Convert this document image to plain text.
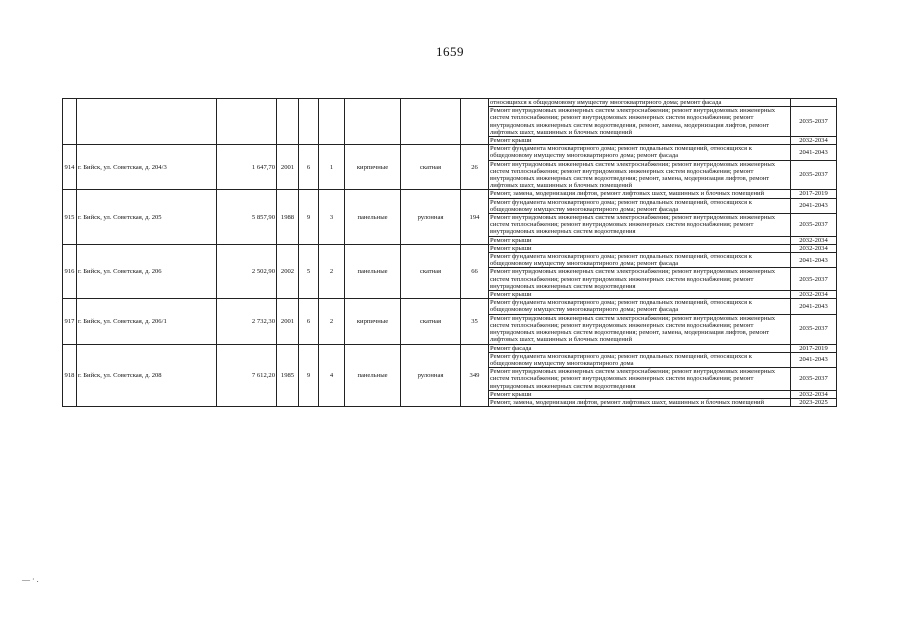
1659
									относящихся к общедомовому имуществу многоквартирного дома; ремонт фасада	
									Ремонт внутридомовых инженерных систем электроснабжения; ремонт внутридомовых инженерных систем теплоснабжения; ремонт внутридомовых инженерных систем водоснабжения; ремонт внутридомовых инженерных систем водоотведения, ремонт, замена, модернизация лифтов, ремонт лифтовых шахт, машинных и блочных помещений	2035-2037
									Ремонт крыши	2032-2034
914	г. Бийск, ул. Советская, д. 204/3	1 647,70	2001	6	1	кирпичные	скатная	26	Ремонт фундамента многоквартирного дома; ремонт подвальных помещений, относящихся к общедомовому имуществу многоквартирного дома; ремонт фасада	2041-2043
									Ремонт внутридомовых инженерных систем электроснабжения; ремонт внутридомовых инженерных систем теплоснабжения; ремонт внутридомовых инженерных систем водоснабжения; ремонт внутридомовых инженерных систем водоотведения; ремонт, замена, модернизация лифтов, ремонт лифтовых шахт, машинных и блочных помещений	2035-2037
915	г. Бийск, ул. Советская, д. 205	5 857,90	1988	9	3	панельные	рулонная	194	Ремонт, замена, модернизация лифтов, ремонт лифтовых шахт, машинных и блочных помещений	2017-2019
									Ремонт фундамента многоквартирного дома; ремонт подвальных помещений, относящихся к общедомовому имуществу многоквартирного дома; ремонт фасада	2041-2043
									Ремонт внутридомовых инженерных систем электроснабжения; ремонт внутридомовых инженерных систем теплоснабжения; ремонт внутридомовых инженерных систем водоснабжения; ремонт внутридомовых инженерных систем водоотведения	2035-2037
									Ремонт крыши	2032-2034
916	г. Бийск, ул. Советская, д. 206	2 502,90	2002	5	2	панельные	скатная	66	Ремонт крыши	2032-2034
									Ремонт фундамента многоквартирного дома; ремонт подвальных помещений, относящихся к общедомовому имуществу многоквартирного дома; ремонт фасада	2041-2043
									Ремонт внутридомовых инженерных систем электроснабжения; ремонт внутридомовых инженерных систем теплоснабжения; ремонт внутридомовых инженерных систем водоснабжения; ремонт внутридомовых инженерных систем водоотведения	2035-2037
									Ремонт крыши	2032-2034
917	г. Бийск, ул. Советская, д. 206/1	2 732,30	2001	6	2	кирпичные	скатная	35	Ремонт фундамента многоквартирного дома; ремонт подвальных помещений, относящихся к общедомовому имуществу многоквартирного дома; ремонт фасада	2041-2043
									Ремонт внутридомовых инженерных систем электроснабжения; ремонт внутридомовых инженерных систем теплоснабжения; ремонт внутридомовых инженерных систем водоснабжения; ремонт внутридомовых инженерных систем водоотведения; ремонт, замена, модернизация лифтов, ремонт лифтовых шахт, машинных и блочных помещений	2035-2037
918	г. Бийск, ул. Советская, д. 208	7 612,20	1985	9	4	панельные	рулонная	349	Ремонт фасада	2017-2019
									Ремонт фундамента многоквартирного дома; ремонт подвальных помещений, относящихся к общедомовому имуществу многоквартирного дома	2041-2043
									Ремонт внутридомовых инженерных систем электроснабжения; ремонт внутридомовых инженерных систем теплоснабжения; ремонт внутридомовых инженерных систем водоснабжения; ремонт внутридомовых инженерных систем водоотведения	2035-2037
									Ремонт крыши	2032-2034
									Ремонт, замена, модернизация лифтов, ремонт лифтовых шахт, машинных и блочных помещений	2023-2025
— · .
